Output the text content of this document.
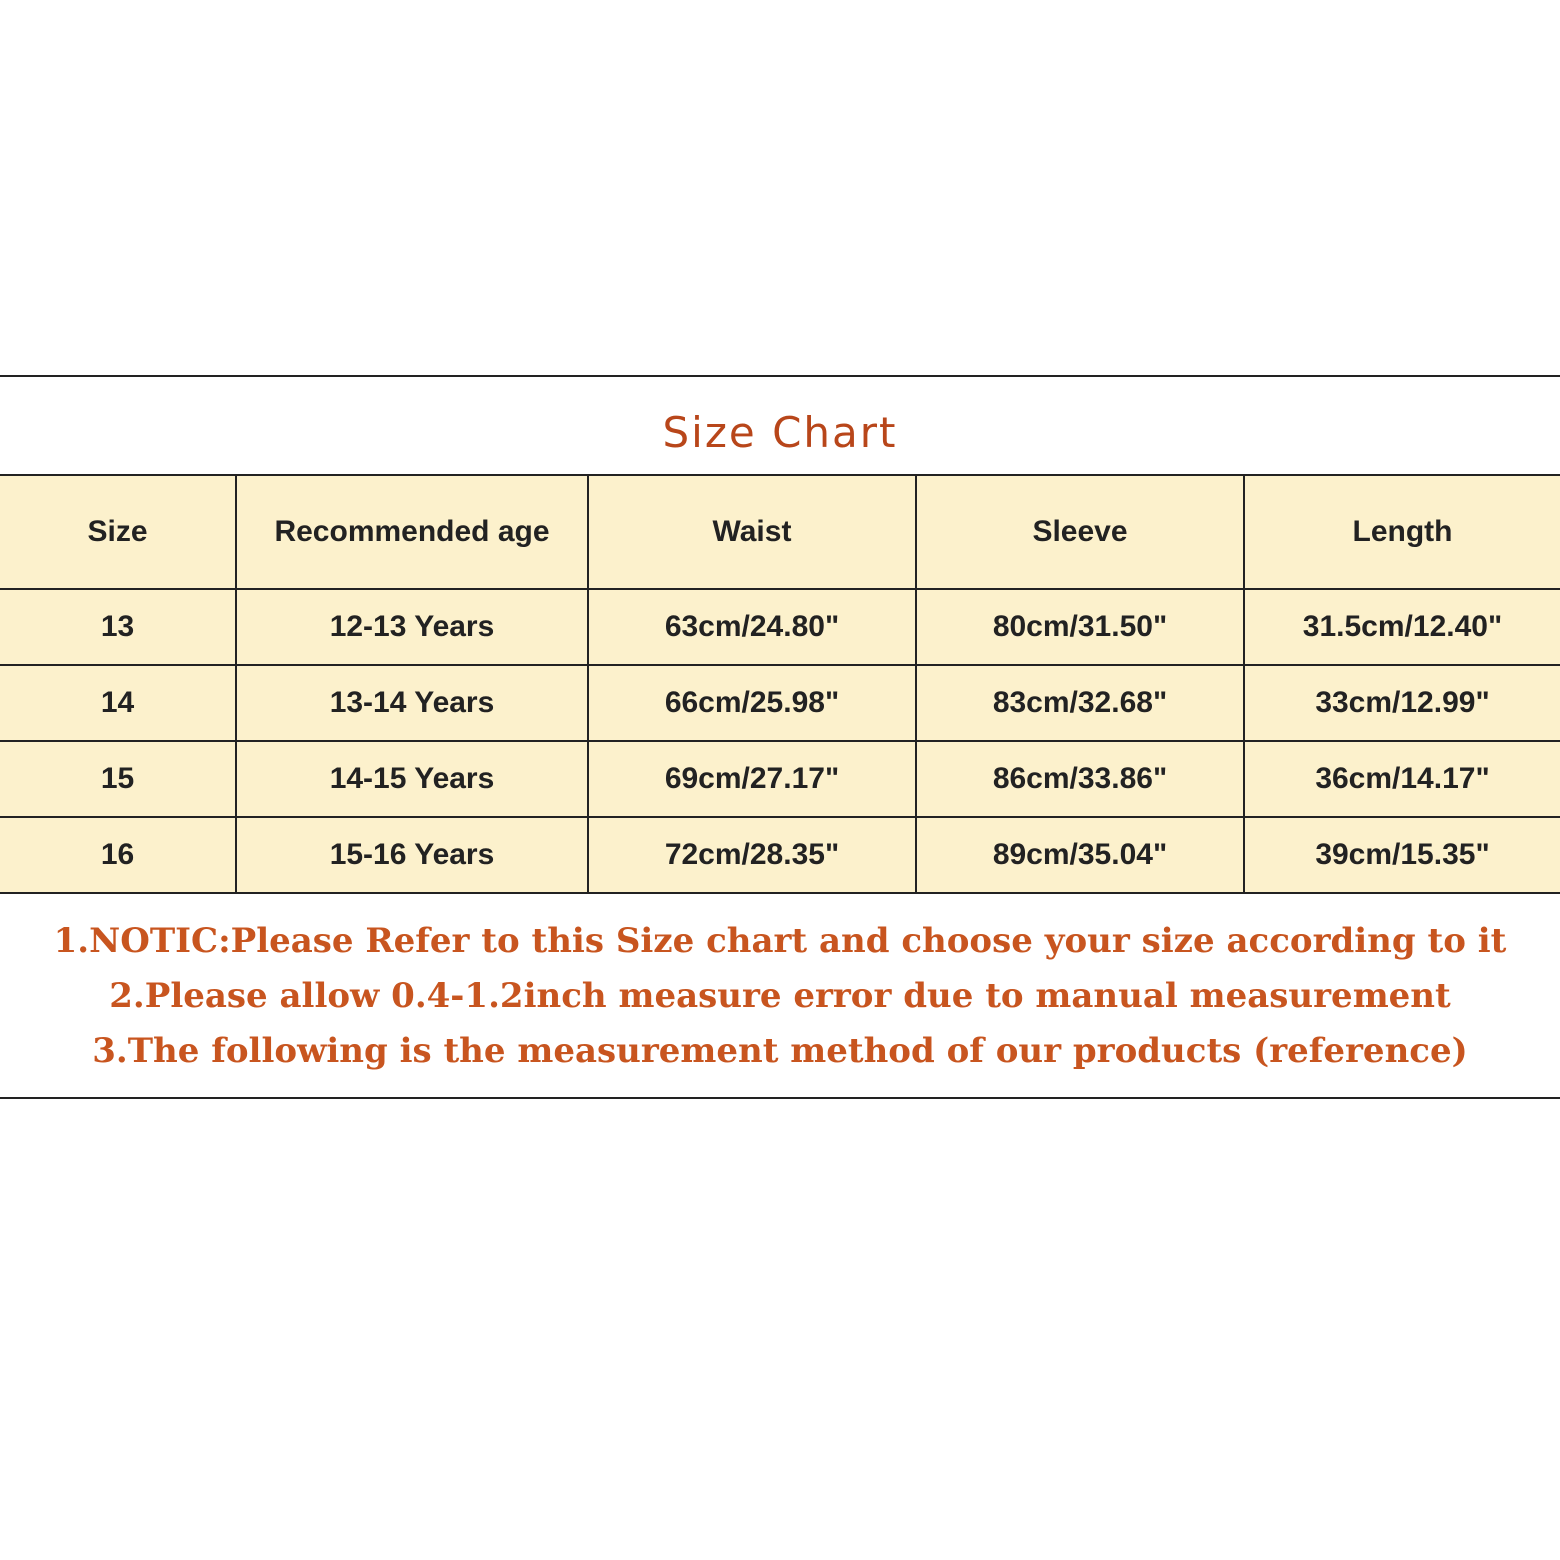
Size Chart
Size	Recommended age	Waist	Sleeve	Length
13	12-13 Years	63cm/24.80"	80cm/31.50"	31.5cm/12.40"
14	13-14 Years	66cm/25.98"	83cm/32.68"	33cm/12.99"
15	14-15 Years	69cm/27.17"	86cm/33.86"	36cm/14.17"
16	15-16 Years	72cm/28.35"	89cm/35.04"	39cm/15.35"
1.NOTIC:Please Refer to this Size chart and choose your size according to it
2.Please allow 0.4-1.2inch measure error due to manual measurement
3.The following is the measurement method of our products (reference)
